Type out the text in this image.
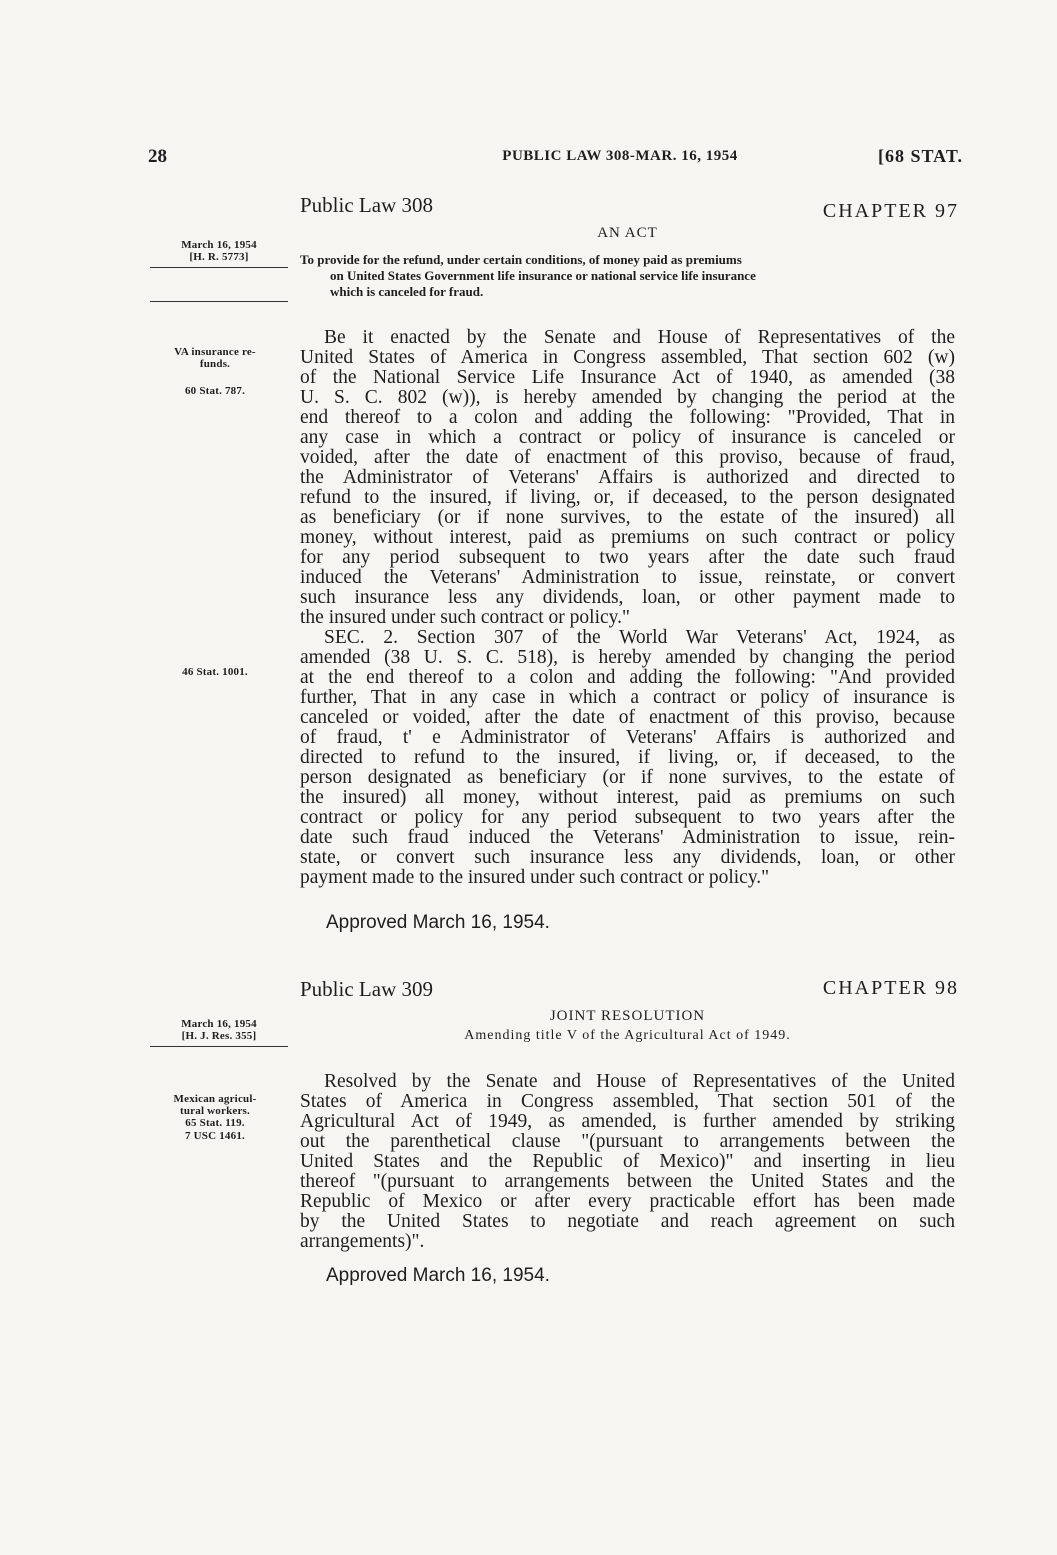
28	PUBLIC LAW 308-MAR. 16, 1954	[68 STAT.
Public Law 308	CHAPTER 97
AN ACT
March 16, 1954
[H. R. 5773]	To provide for the refund, under certain conditions, of money paid as premiums
on United States Government life insurance or national service life insurance
which is canceled for fraud.
VA insurance re-
funds.
60 Stat. 787.
46 Stat. 1001.
Be it enacted by the Senate and House of Representatives of the
United States of America in Congress assembled, That section 602 (w)
of the National Service Life Insurance Act of 1940, as amended (38
U. S. C. 802 (w)), is hereby amended by changing the period at the
end thereof to a colon and adding the following: "Provided, That in
any case in which a contract or policy of insurance is canceled or
voided, after the date of enactment of this proviso, because of fraud,
the Administrator of Veterans' Affairs is authorized and directed to
refund to the insured, if living, or, if deceased, to the person designated
as beneficiary (or if none survives, to the estate of the insured) all
money, without interest, paid as premiums on such contract or policy
for any period subsequent to two years after the date such fraud
induced the Veterans' Administration to issue, reinstate, or convert
such insurance less any dividends, loan, or other payment made to
the insured under such contract or policy."
SEC. 2. Section 307 of the World War Veterans' Act, 1924, as
amended (38 U. S. C. 518), is hereby amended by changing the period
at the end thereof to a colon and adding the following: "And provided
further, That in any case in which a contract or policy of insurance is
canceled or voided, after the date of enactment of this proviso, because
of fraud, t' e Administrator of Veterans' Affairs is authorized and
directed to refund to the insured, if living, or, if deceased, to the
person designated as beneficiary (or if none survives, to the estate of
the insured) all money, without interest, paid as premiums on such
contract or policy for any period subsequent to two years after the
date such fraud induced the Veterans' Administration to issue, rein-
state, or convert such insurance less any dividends, loan, or other
payment made to the insured under such contract or policy."
Approved March 16, 1954.
Public Law 309	CHAPTER 98
JOINT RESOLUTION
Amending title V of the Agricultural Act of 1949.
March 16, 1954
[H. J. Res. 355]
Mexican agricul-
tural workers.
65 Stat. 119.
7 USC 1461.
Resolved by the Senate and House of Representatives of the United
States of America in Congress assembled, That section 501 of the
Agricultural Act of 1949, as amended, is further amended by striking
out the parenthetical clause "(pursuant to arrangements between the
United States and the Republic of Mexico)" and inserting in lieu
thereof "(pursuant to arrangements between the United States and the
Republic of Mexico or after every practicable effort has been made
by the United States to negotiate and reach agreement on such
arrangements)".
Approved March 16, 1954.
